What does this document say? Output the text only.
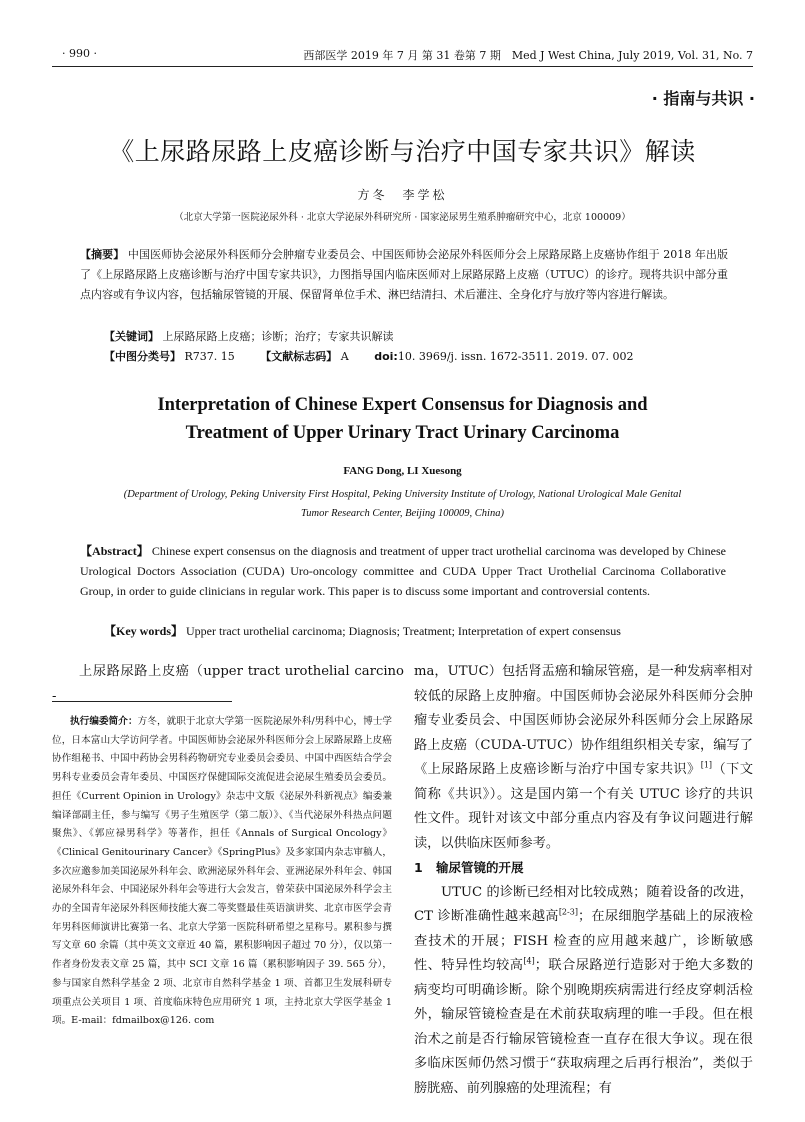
· 990 ·	西部医学 2019 年 7 月 第 31 卷第 7 期　Med J West China, July 2019, Vol. 31, No. 7
· 指南与共识 ·
《上尿路尿路上皮癌诊断与治疗中国专家共识》解读
方冬　李学松
（北京大学第一医院泌尿外科 · 北京大学泌尿外科研究所 · 国家泌尿男生殖系肿瘤研究中心，北京 100009）
【摘要】 中国医师协会泌尿外科医师分会肿瘤专业委员会、中国医师协会泌尿外科医师分会上尿路尿路上皮癌协作组于 2018 年出版了《上尿路尿路上皮癌诊断与治疗中国专家共识》，力图指导国内临床医师对上尿路尿路上皮癌（UTUC）的诊疗。现将共识中部分重点内容或有争议内容，包括输尿管镜的开展、保留肾单位手术、淋巴结清扫、术后灌注、全身化疗与放疗等内容进行解读。
【关键词】 上尿路尿路上皮癌；诊断；治疗；专家共识解读
【中图分类号】 R737. 15 【文献标志码】 A doi:10. 3969/j. issn. 1672-3511. 2019. 07. 002
Interpretation of Chinese Expert Consensus for Diagnosis and
Treatment of Upper Urinary Tract Urinary Carcinoma
FANG Dong, LI Xuesong
(Department of Urology, Peking University First Hospital, Peking University Institute of Urology, National Urological Male Genital Tumor Research Center, Beijing 100009, China)
【Abstract】 Chinese expert consensus on the diagnosis and treatment of upper tract urothelial carcinoma was developed by Chinese Urological Doctors Association (CUDA) Uro-oncology committee and CUDA Upper Tract Urothelial Carcinoma Collaborative Group, in order to guide clinicians in regular work. This paper is to discuss some important and controversial contents.
【Key words】 Upper tract urothelial carcinoma; Diagnosis; Treatment; Interpretation of expert consensus

上尿路尿路上皮癌（upper tract urothelial carcino -

执行编委简介：方冬，就职于北京大学第一医院泌尿外科/男科中心，博士学位，日本富山大学访问学者。中国医师协会泌尿外科医师分会上尿路尿路上皮癌协作组秘书、中国中药协会男科药物研究专业委员会委员、中国中西医结合学会男科专业委员会青年委员、中国医疗保健国际交流促进会泌尿生殖委员会委员。担任《Current Opinion in Urology》杂志中文版《泌尿外科新视点》编委兼编译部副主任，参与编写《男子生殖医学（第二版）》、《当代泌尿外科热点问题聚焦》、《郭应禄男科学》等著作，担任《Annals of Surgical Oncology》《Clinical Genitourinary Cancer》《SpringPlus》及多家国内杂志审稿人，多次应邀参加美国泌尿外科年会、欧洲泌尿外科年会、亚洲泌尿外科年会、韩国泌尿外科年会、中国泌尿外科年会等进行大会发言，曾荣获中国泌尿外科学会主办的全国青年泌尿外科医师技能大赛二等奖暨最佳英语演讲奖、北京市医学会青年男科医师演讲比赛第一名、北京大学第一医院科研希望之星称号。累积参与撰写文章 60 余篇（其中英文文章近 40 篇，累积影响因子超过 70 分），仅以第一作者身份发表文章 25 篇，其中 SCI 文章 16 篇（累积影响因子 39. 565 分），参与国家自然科学基金 2 项、北京市自然科学基金 1 项、首都卫生发展科研专项重点公关项目 1 项、首度临床特色应用研究 1 项，主持北京大学医学基金 1 项。E-mail：fdmailbox@126. com

ma，UTUC）包括肾盂癌和输尿管癌，是一种发病率相对较低的尿路上皮肿瘤。中国医师协会泌尿外科医师分会肿瘤专业委员会、中国医师协会泌尿外科医师分会上尿路尿路上皮癌（CUDA-UTUC）协作组组织相关专家，编写了《上尿路尿路上皮癌诊断与治疗中国专家共识》[1]（下文简称《共识》）。这是国内第一个有关 UTUC 诊疗的共识性文件。现针对该文中部分重点内容及有争议问题进行解读，以供临床医师参考。

1 输尿管镜的开展

UTUC 的诊断已经相对比较成熟；随着设备的改进，CT 诊断准确性越来越高[2-3]；在尿细胞学基础上的尿液检查技术的开展；FISH 检查的应用越来越广，诊断敏感性、特异性均较高[4]；联合尿路逆行造影对于绝大多数的病变均可明确诊断。除个别晚期疾病需进行经皮穿刺活检外，输尿管镜检查是在术前获取病理的唯一手段。但在根治术之前是否行输尿管镜检查一直存在很大争议。现在很多临床医师仍然习惯于“获取病理之后再行根治”，类似于膀胱癌、前列腺癌的处理流程；有
